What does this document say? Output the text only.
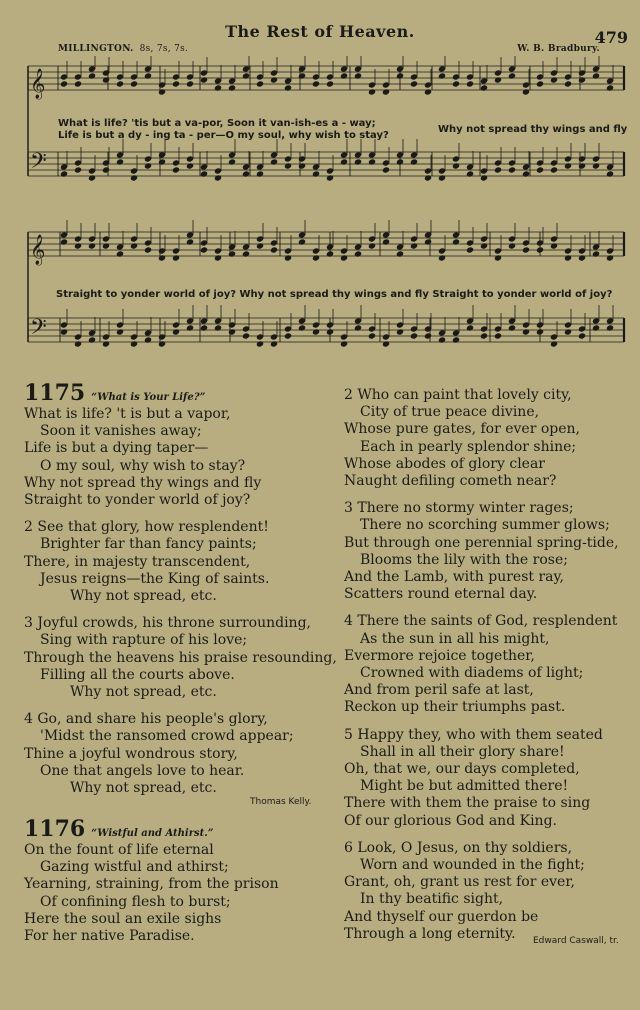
The Rest of Heaven.	479
MILLINGTON. 8s, 7s, 7s.	W. B. Bradbury.
𝄞
𝄢
What is life? 'tis but a va-por, Soon it van-ish-es a - way;
Life is but a dy - ing ta - per—O my soul, why wish to stay?
Why not spread thy wings and fly
𝄞
𝄢
Straight to yonder world of joy? Why not spread thy wings and fly Straight to yonder world of joy?
1175 “What is Your Life?”
What is life? 't is but a vapor,
Soon it vanishes away;
Life is but a dying taper—
O my soul, why wish to stay?
Why not spread thy wings and fly
Straight to yonder world of joy?
2 See that glory, how resplendent!
Brighter far than fancy paints;
There, in majesty transcendent,
Jesus reigns—the King of saints.
Why not spread, etc.
3 Joyful crowds, his throne surrounding,
Sing with rapture of his love;
Through the heavens his praise resounding,
Filling all the courts above.
Why not spread, etc.
4 Go, and share his people's glory,
'Midst the ransomed crowd appear;
Thine a joyful wondrous story,
One that angels love to hear.
Why not spread, etc.
Thomas Kelly.
1176 “Wistful and Athirst.”
On the fount of life eternal
Gazing wistful and athirst;
Yearning, straining, from the prison
Of confining flesh to burst;
Here the soul an exile sighs
For her native Paradise.
2 Who can paint that lovely city,
City of true peace divine,
Whose pure gates, for ever open,
Each in pearly splendor shine;
Whose abodes of glory clear
Naught defiling cometh near?
3 There no stormy winter rages;
There no scorching summer glows;
But through one perennial spring-tide,
Blooms the lily with the rose;
And the Lamb, with purest ray,
Scatters round eternal day.
4 There the saints of God, resplendent
As the sun in all his might,
Evermore rejoice together,
Crowned with diadems of light;
And from peril safe at last,
Reckon up their triumphs past.
5 Happy they, who with them seated
Shall in all their glory share!
Oh, that we, our days completed,
Might be but admitted there!
There with them the praise to sing
Of our glorious God and King.
6 Look, O Jesus, on thy soldiers,
Worn and wounded in the fight;
Grant, oh, grant us rest for ever,
In thy beatific sight,
And thyself our guerdon be
Through a long eternity.	Edward Caswall, tr.
